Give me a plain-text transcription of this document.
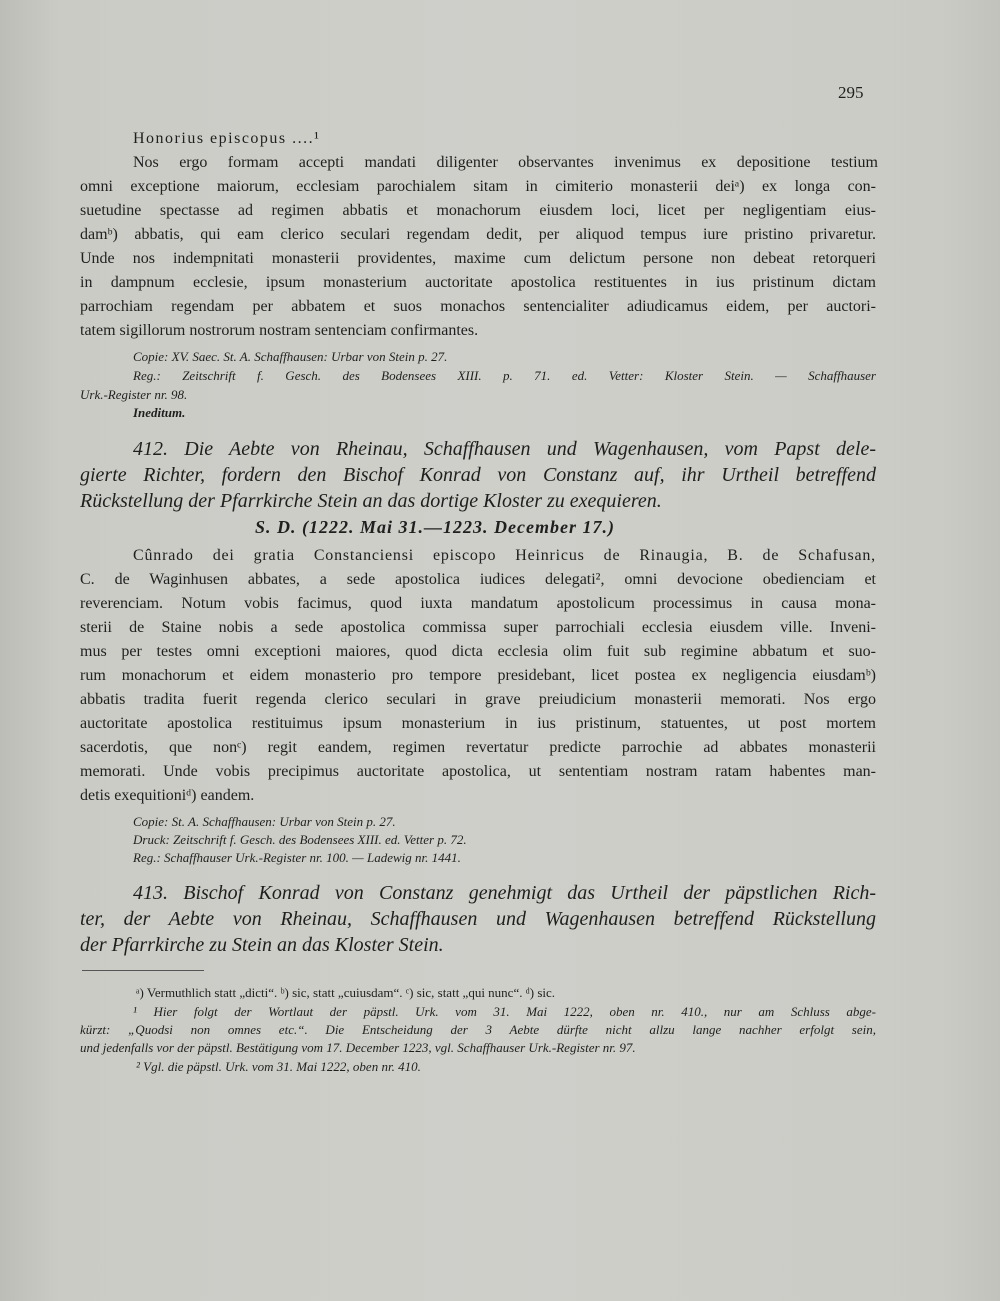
295
Honorius episcopus ....¹
Nos ergo formam accepti mandati diligenter observantes invenimus ex depositione testium
omni exceptione maiorum, ecclesiam parochialem sitam in cimiterio monasterii deiᵃ) ex longa con-
suetudine spectasse ad regimen abbatis et monachorum eiusdem loci, licet per negligentiam eius-
damᵇ) abbatis, qui eam clerico seculari regendam dedit, per aliquod tempus iure pristino privaretur.
Unde nos indempnitati monasterii providentes, maxime cum delictum persone non debeat retorqueri
in dampnum ecclesie, ipsum monasterium auctoritate apostolica restituentes in ius pristinum dictam
parrochiam regendam per abbatem et suos monachos sentencialiter adiudicamus eidem, per auctori-
tatem sigillorum nostrorum nostram sentenciam confirmantes.
Copie: XV. Saec. St. A. Schaffhausen: Urbar von Stein p. 27.
Reg.: Zeitschrift f. Gesch. des Bodensees XIII. p. 71. ed. Vetter: Kloster Stein. — Schaffhauser
Urk.-Register nr. 98.
Ineditum.
412. Die Aebte von Rheinau, Schaffhausen und Wagenhausen, vom Papst dele-
gierte Richter, fordern den Bischof Konrad von Constanz auf, ihr Urtheil betreffend
Rückstellung der Pfarrkirche Stein an das dortige Kloster zu exequieren.
S. D. (1222. Mai 31.—1223. December 17.)
Cûnrado dei gratia Constanciensi episcopo Heinricus de Rinaugia, B. de Schafusan,
C. de Waginhusen abbates, a sede apostolica iudices delegati², omni devocione obedienciam et
reverenciam. Notum vobis facimus, quod iuxta mandatum apostolicum processimus in causa mona-
sterii de Staine nobis a sede apostolica commissa super parrochiali ecclesia eiusdem ville. Inveni-
mus per testes omni exceptioni maiores, quod dicta ecclesia olim fuit sub regimine abbatum et suo-
rum monachorum et eidem monasterio pro tempore presidebant, licet postea ex negligencia eiusdamᵇ)
abbatis tradita fuerit regenda clerico seculari in grave preiudicium monasterii memorati. Nos ergo
auctoritate apostolica restituimus ipsum monasterium in ius pristinum, statuentes, ut post mortem
sacerdotis, que nonᶜ) regit eandem, regimen revertatur predicte parrochie ad abbates monasterii
memorati. Unde vobis precipimus auctoritate apostolica, ut sententiam nostram ratam habentes man-
detis exequitioniᵈ) eandem.
Copie: St. A. Schaffhausen: Urbar von Stein p. 27.
Druck: Zeitschrift f. Gesch. des Bodensees XIII. ed. Vetter p. 72.
Reg.: Schaffhauser Urk.-Register nr. 100. — Ladewig nr. 1441.
413. Bischof Konrad von Constanz genehmigt das Urtheil der päpstlichen Rich-
ter, der Aebte von Rheinau, Schaffhausen und Wagenhausen betreffend Rückstellung
der Pfarrkirche zu Stein an das Kloster Stein.
ᵃ) Vermuthlich statt „dicti“. ᵇ) sic, statt „cuiusdam“. ᶜ) sic, statt „qui nunc“. ᵈ) sic.
¹ Hier folgt der Wortlaut der päpstl. Urk. vom 31. Mai 1222, oben nr. 410., nur am Schluss abge-
kürzt: „Quodsi non omnes etc.“. Die Entscheidung der 3 Aebte dürfte nicht allzu lange nachher erfolgt sein,
und jedenfalls vor der päpstl. Bestätigung vom 17. December 1223, vgl. Schaffhauser Urk.-Register nr. 97.
² Vgl. die päpstl. Urk. vom 31. Mai 1222, oben nr. 410.
